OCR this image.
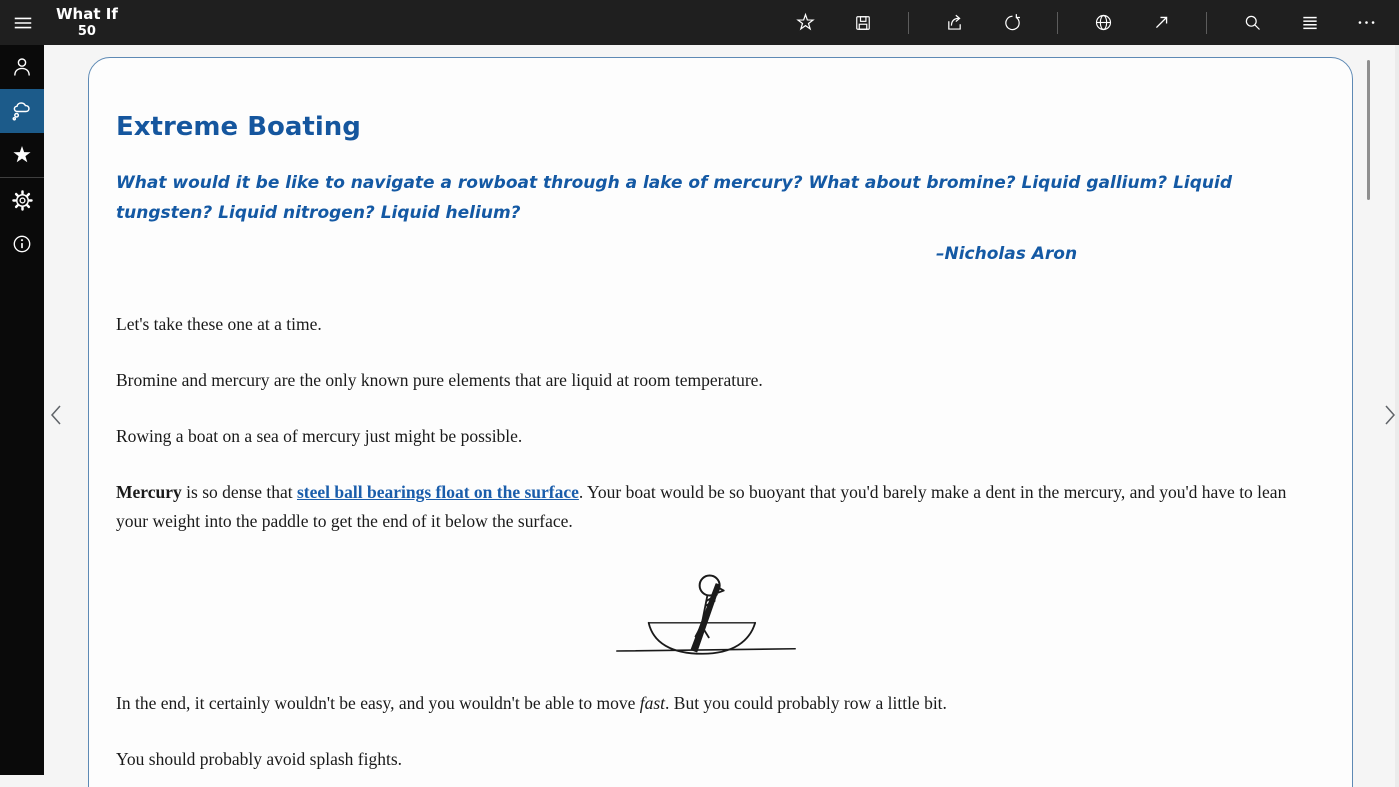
What If
50
Extreme Boating
What would it be like to navigate a rowboat through a lake of mercury? What about bromine? Liquid gallium? Liquid tungsten? Liquid nitrogen? Liquid helium?
–Nicholas Aron

Let's take these one at a time.

Bromine and mercury are the only known pure elements that are liquid at room temperature.

Rowing a boat on a sea of mercury just might be possible.

Mercury is so dense that steel ball bearings float on the surface. Your boat would be so buoyant that you'd barely make a dent in the mercury, and you'd have to lean your weight into the paddle to get the end of it below the surface.

In the end, it certainly wouldn't be easy, and you wouldn't be able to move fast. But you could probably row a little bit.

You should probably avoid splash fights.
